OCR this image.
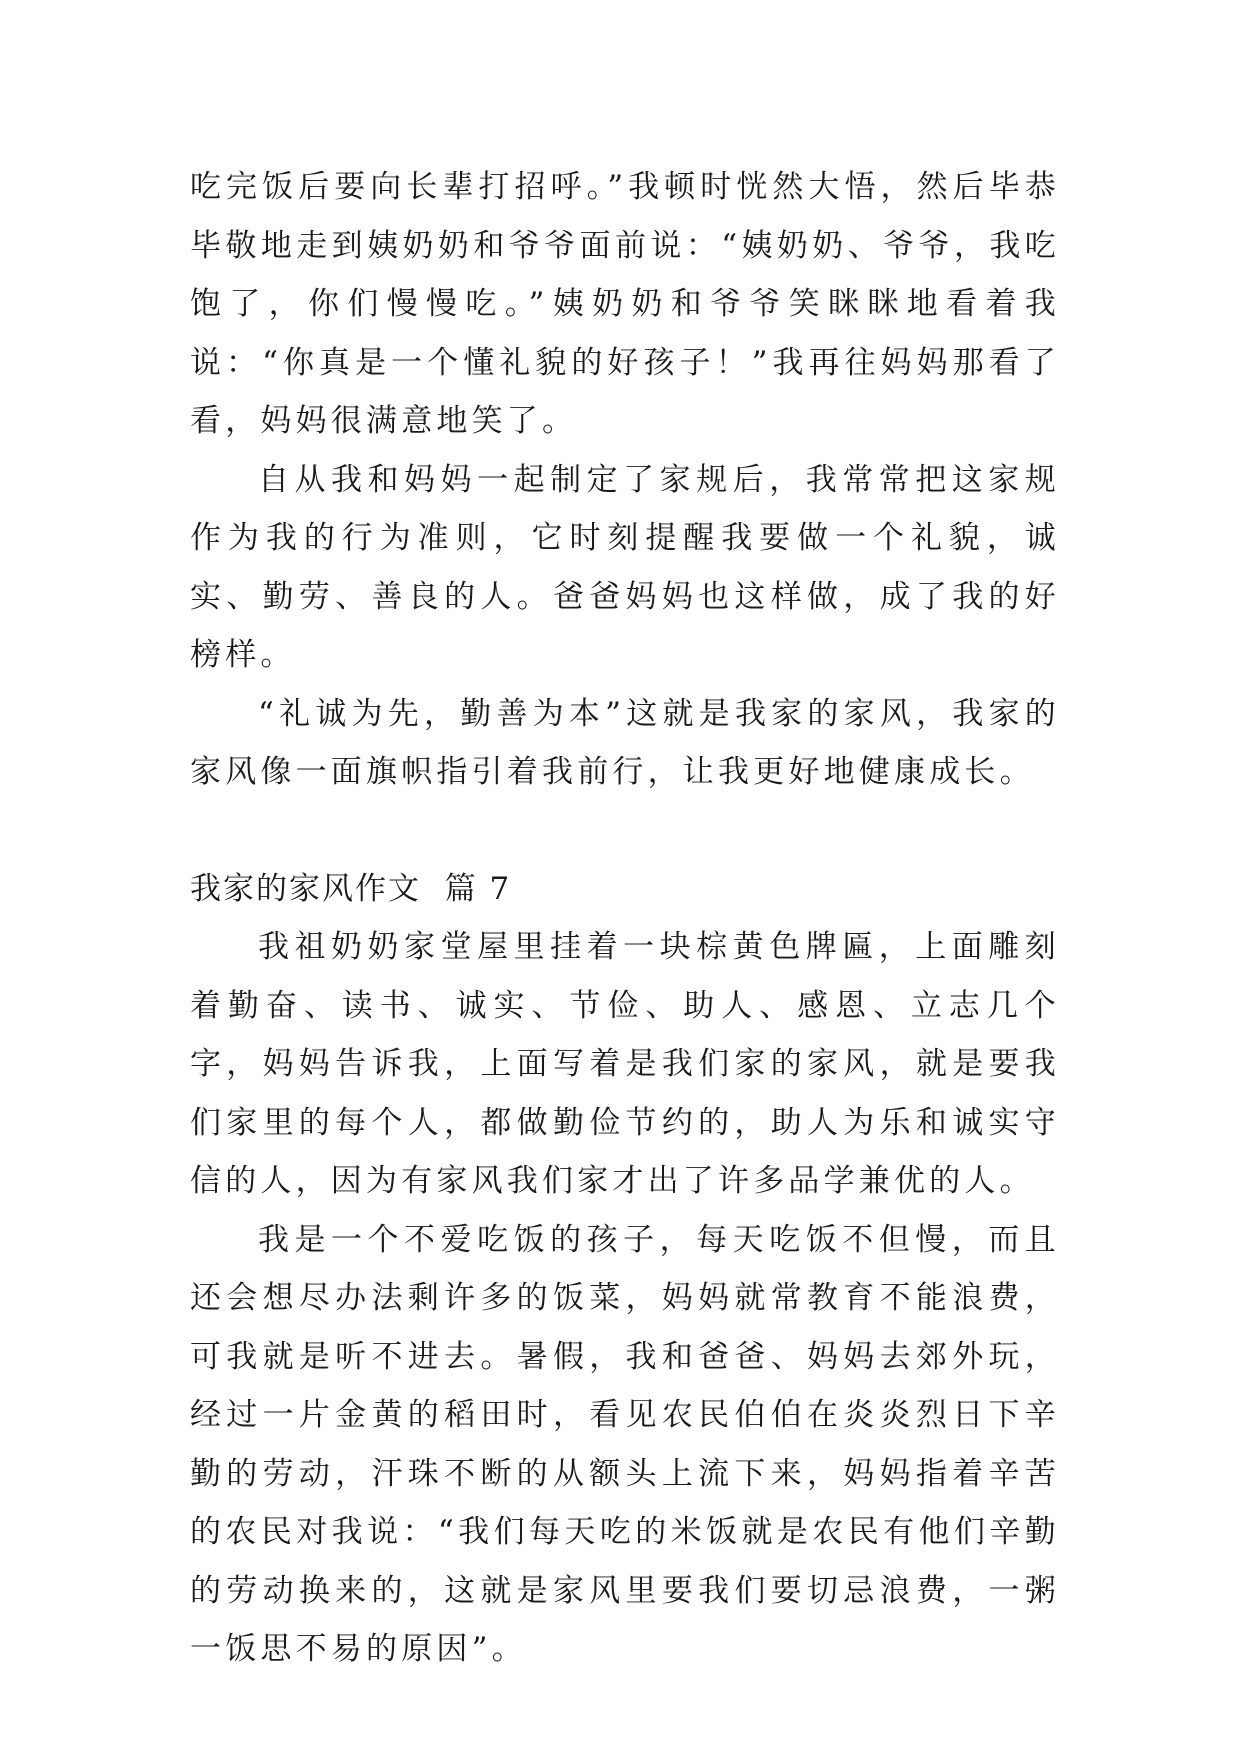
吃完饭后要向长辈打招呼。”我顿时恍然大悟，然后毕恭毕敬地走到姨奶奶和爷爷面前说：“姨奶奶、爷爷，我吃饱了，你们慢慢吃。”姨奶奶和爷爷笑眯眯地看着我说：“你真是一个懂礼貌的好孩子！”我再往妈妈那看了看，妈妈很满意地笑了。

自从我和妈妈一起制定了家规后，我常常把这家规作为我的行为准则，它时刻提醒我要做一个礼貌，诚实、勤劳、善良的人。爸爸妈妈也这样做，成了我的好榜样。

“礼诚为先，勤善为本”这就是我家的家风，我家的家风像一面旗帜指引着我前行，让我更好地健康成长。

我家的家风作文  篇 7

我祖奶奶家堂屋里挂着一块棕黄色牌匾，上面雕刻着勤奋、读书、诚实、节俭、助人、感恩、立志几个字，妈妈告诉我，上面写着是我们家的家风，就是要我们家里的每个人，都做勤俭节约的，助人为乐和诚实守信的人，因为有家风我们家才出了许多品学兼优的人。

我是一个不爱吃饭的孩子，每天吃饭不但慢，而且还会想尽办法剩许多的饭菜，妈妈就常教育不能浪费，可我就是听不进去。暑假，我和爸爸、妈妈去郊外玩，经过一片金黄的稻田时，看见农民伯伯在炎炎烈日下辛勤的劳动，汗珠不断的从额头上流下来，妈妈指着辛苦的农民对我说：“我们每天吃的米饭就是农民有他们辛勤的劳动换来的，这就是家风里要我们要切忌浪费，一粥一饭思不易的原因”。
